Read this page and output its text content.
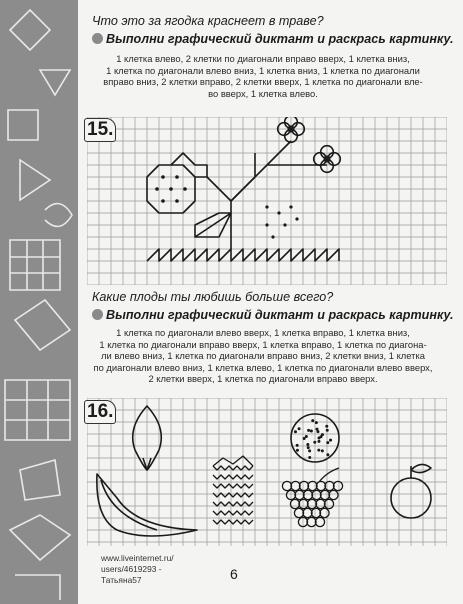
Что это за ягодка краснеет в траве?
Выполни графический диктант и раскрась картинку.
1 клетка влево, 2 клетки по диагонали вправо вверх, 1 клетка вниз,
1 клетка по диагонали влево вниз, 1 клетка вниз, 1 клетка по диагонали
вправо вниз, 2 клетки вправо, 2 клетки вверх, 1 клетка по диагонали вле-
во вверх, 1 клетка влево.
15.
Какие плоды ты любишь больше всего?
Выполни графический диктант и раскрась картинку.
1 клетка по диагонали влево вверх, 1 клетка вправо, 1 клетка вниз,
1 клетка по диагонали вправо вверх, 1 клетка вправо, 1 клетка по диагона-
ли влево вниз, 1 клетка по диагонали вправо вниз, 2 клетки вниз, 1 клетка
по диагонали влево вниз, 1 клетка влево, 1 клетка по диагонали влево вверх,
2 клетки вверх, 1 клетка по диагонали вправо вверх.
16.
www.liveinternet.ru/
users/4619293 -
Татьяна57	6
